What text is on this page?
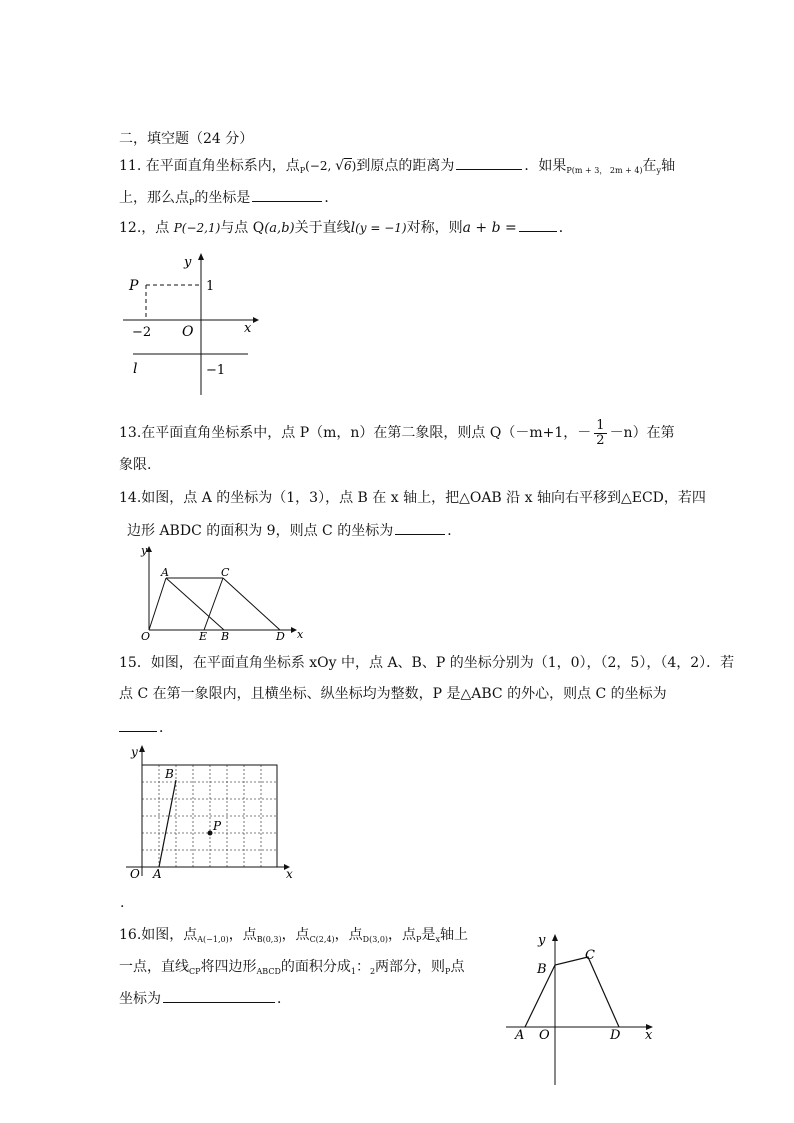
二，填空题（24 分）
11. 在平面直角坐标系内，点$_P$(−2, √6)到原点的距离为	．如果$_{P(m + 3, 2m + 4)}$在$_y$轴
上，那么点$_P$的坐标是	．
12.，点 P(−2,1)与点 Q(a,b)关于直线l(y = −1)对称，则a + b =	．
P	1
y
x
−2 O
l	−1
13.在平面直角坐标系中，点 P（m，n）在第二象限，则点 Q（－m+1，－ $\frac{1}{2} -n$）在第
象限.
14.如图，点 A 的坐标为（1，3），点 B 在 x 轴上，把△OAB 沿 x 轴向右平移到△ECD，若四
边形 ABDC 的面积为 9，则点 C 的坐标为	．
y
A	C
O	E B	D x
15．如图，在平面直角坐标系 xOy 中，点 A、B、P 的坐标分别为（1，0），（2，5），（4，2）．若
点 C 在第一象限内，且横坐标、纵坐标均为整数，P 是△ABC 的外心，则点 C 的坐标为
．
y
B
P
O A	x
.
16.如图，点$_{A(-1,0)}$，点$_{B(0,3)}$，点$_{C(2,4)}$，点$_{D(3,0)}$，点$_P$是$_x$轴上
一点，直线$_{CP}$将四边形$_{ABCD}$的面积分成$_1$：$_2$两部分，则$_P$点
坐标为	．
y
B
C
A O	D x
